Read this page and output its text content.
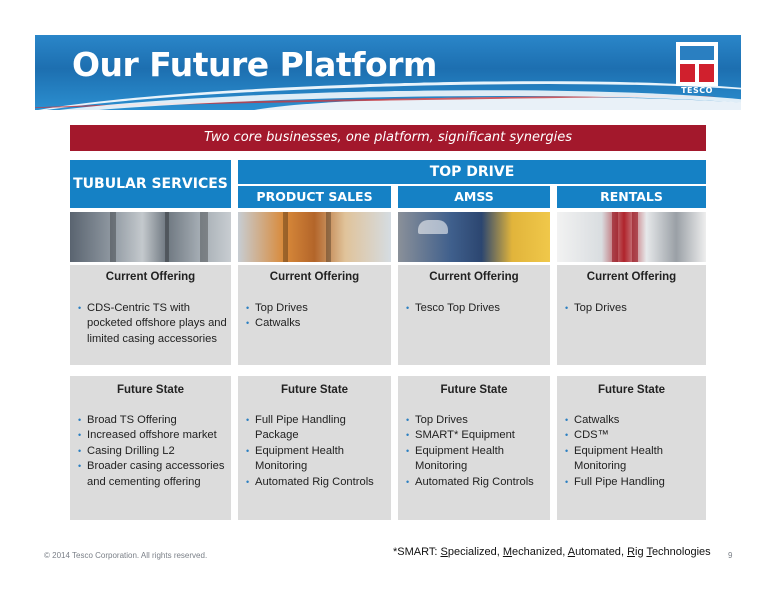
Our Future Platform
TESCO
Two core businesses, one platform, significant synergies
TUBULAR SERVICES
TOP DRIVE
PRODUCT SALES	AMSS	RENTALS
Current Offering
• CDS-Centric TS with pocketed offshore plays and limited casing accessories
Current Offering
• Top Drives
• Catwalks
Current Offering
• Tesco Top Drives
Current Offering
• Top Drives
Future State
• Broad TS Offering
• Increased offshore market
• Casing Drilling L2
• Broader casing accessories and cementing offering
Future State
• Full Pipe Handling Package
• Equipment Health Monitoring
• Automated Rig Controls
Future State
• Top Drives
• SMART* Equipment
• Equipment Health Monitoring
• Automated Rig Controls
Future State
• Catwalks
• CDS™
• Equipment Health Monitoring
• Full Pipe Handling
© 2014 Tesco Corporation. All rights reserved.	*SMART: Specialized, Mechanized, Automated, Rig Technologies 9
